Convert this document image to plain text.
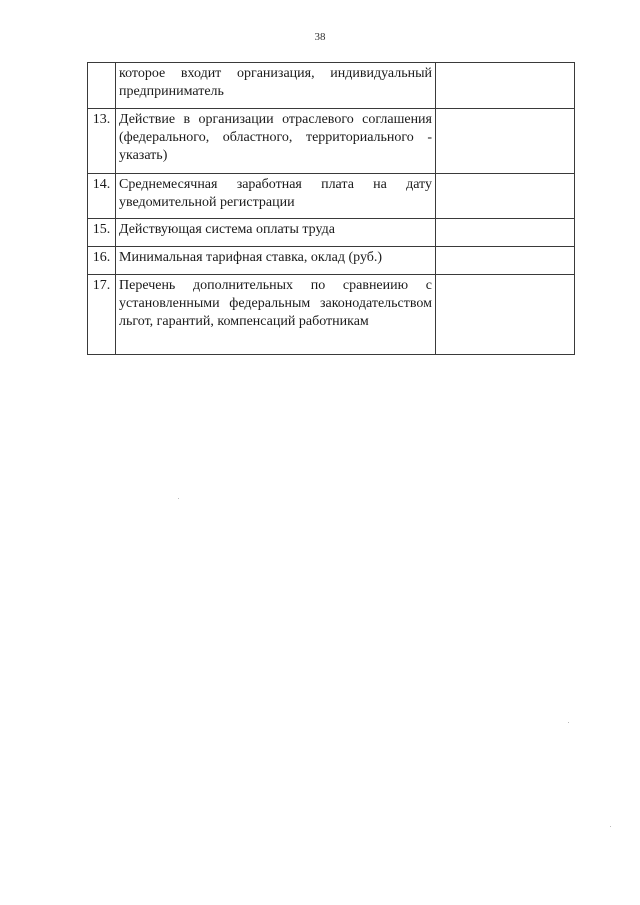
38
	которое входит организация, индивидуальный предприниматель	
13.	Действие в организации отраслевого соглашения (федерального, областного, территориального - указать)	
14.	Среднемесячная заработная плата на дату уведомительной регистрации	
15.	Действующая система оплаты труда	
16.	Минимальная тарифная ставка, оклад (руб.)	
17.	Перечень дополнительных по сравнеиию с установленными федеральным законодательством льгот, гарантий, компенсаций работникам	
